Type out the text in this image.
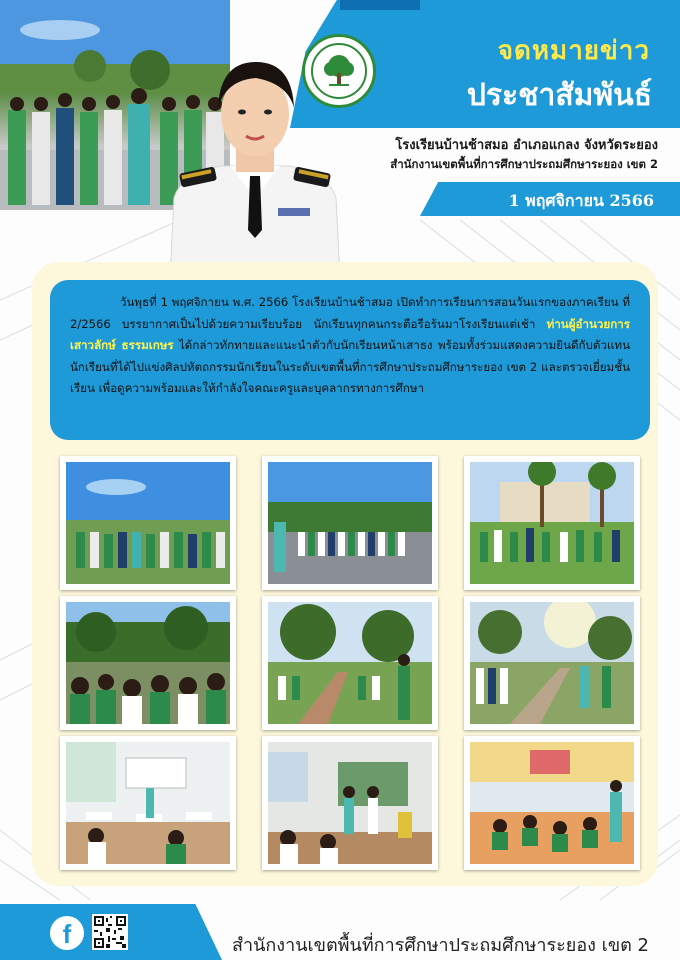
จดหมายข่าว
ประชาสัมพันธ์
โรงเรียนบ้านช้าสมอ อำเภอแกลง จังหวัดระยอง
สำนักงานเขตพื้นที่การศึกษาประถมศึกษาระยอง เขต 2
1 พฤศจิกายน 2566

วันพุธที่ 1 พฤศจิกายน พ.ศ. 2566 โรงเรียนบ้านช้าสมอ เปิดทำการเรียนการสอนวันแรกของภาคเรียน ที่ 2/2566 บรรยากาศเป็นไปด้วยความเรียบร้อย นักเรียนทุกคนกระตือรือร้นมาโรงเรียนแต่เช้า ท่านผู้อำนวยการเสาวลักษ์ ธรรมเกษร ได้กล่าวทักทายและแนะนำตัวกับนักเรียนหน้าเสาธง พร้อมทั้งร่วมแสดงความยินดีกับตัวแทนนักเรียนที่ได้ไปแข่งศิลปหัตถกรรมนักเรียนในระดับเขตพื้นที่การศึกษาประถมศึกษาระยอง เขต 2 และตรวจเยี่ยมชั้นเรียน เพื่อดูความพร้อมและให้กำลังใจคณะครูและบุคลากรทางการศึกษา

f	สำนักงานเขตพื้นที่การศึกษาประถมศึกษาระยอง เขต 2
